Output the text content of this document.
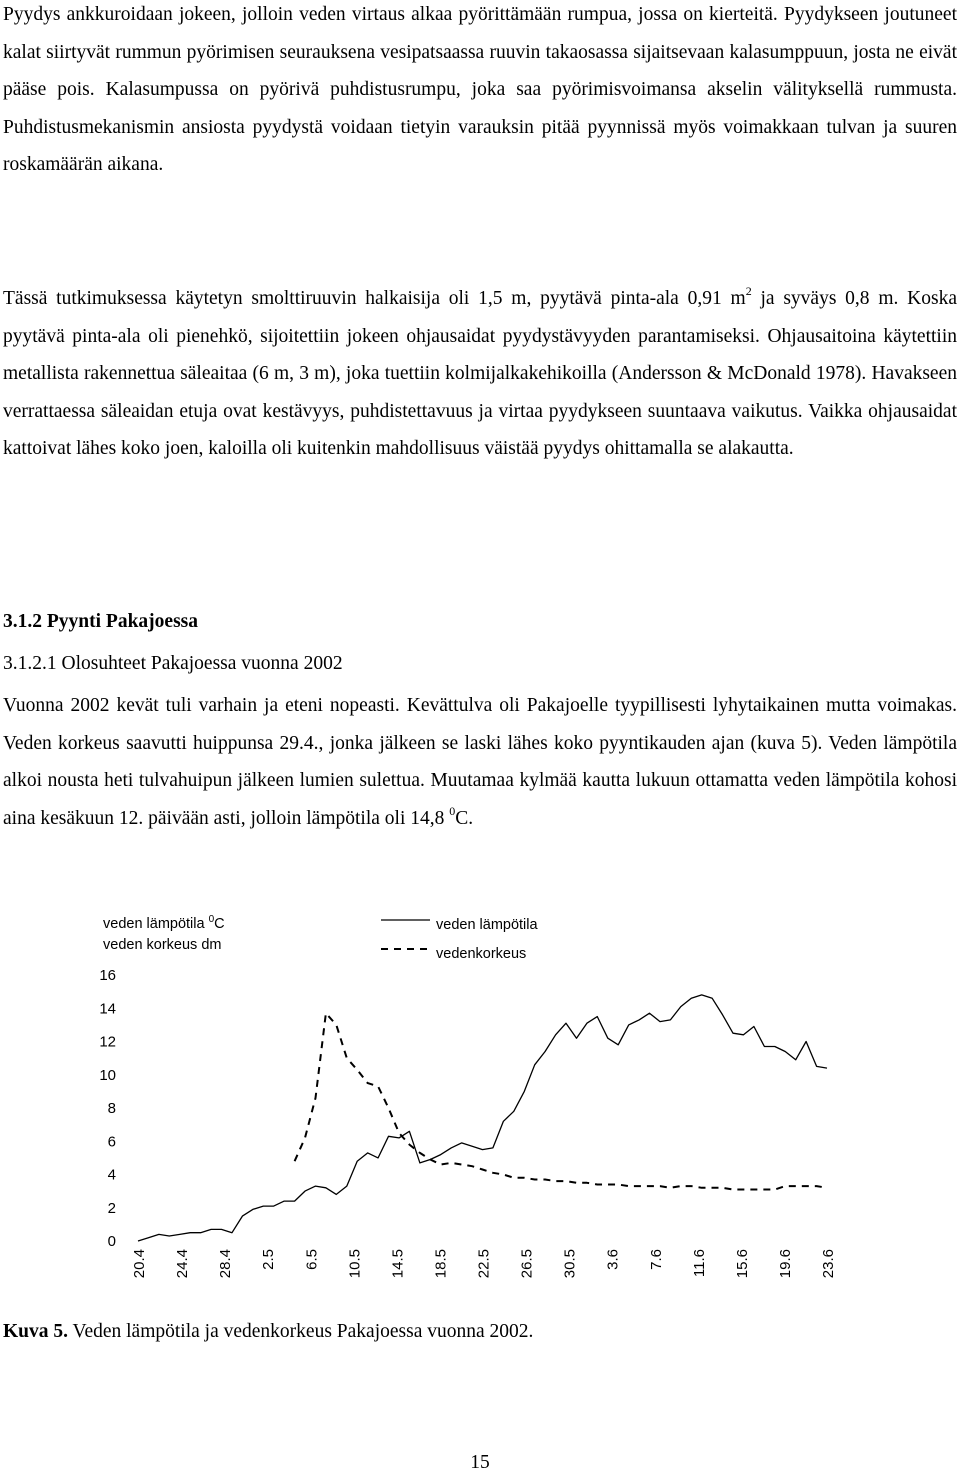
Pyydys ankkuroidaan jokeen, jolloin veden virtaus alkaa pyörittämään rumpua, jossa on kierteitä. Pyydykseen joutuneet kalat siirtyvät rummun pyörimisen seurauksena vesipatsaassa ruuvin takaosassa sijaitsevaan kalasumppuun, josta ne eivät pääse pois. Kalasumpussa on pyörivä puhdistusrumpu, joka saa pyörimisvoimansa akselin välityksellä rummusta. Puhdistusmekanismin ansiosta pyydystä voidaan tietyin varauksin pitää pyynnissä myös voimakkaan tulvan ja suuren roskamäärän aikana.

Tässä tutkimuksessa käytetyn smolttiruuvin halkaisija oli 1,5 m, pyytävä pinta-ala 0,91 $m^2$ ja syväys 0,8 m. Koska pyytävä pinta-ala oli pienehkö, sijoitettiin jokeen ohjausaidat pyydystävyyden parantamiseksi. Ohjausaitoina käytettiin metallista rakennettua säleaitaa (6 m, 3 m), joka tuettiin kolmijalkakehikoilla (Andersson & McDonald 1978). Havakseen verrattaessa säleaidan etuja ovat kestävyys, puhdistettavuus ja virtaa pyydykseen suuntaava vaikutus. Vaikka ohjausaidat kattoivat lähes koko joen, kaloilla oli kuitenkin mahdollisuus väistää pyydys ohittamalla se alakautta.

3.1.2 Pyynti Pakajoessa

3.1.2.1 Olosuhteet Pakajoessa vuonna 2002

Vuonna 2002 kevät tuli varhain ja eteni nopeasti. Kevättulva oli Pakajoelle tyypillisesti lyhytaikainen mutta voimakas. Veden korkeus saavutti huippunsa 29.4., jonka jälkeen se laski lähes koko pyyntikauden ajan (kuva 5). Veden lämpötila alkoi nousta heti tulvahuipun jälkeen lumien sulettua. Muutamaa kylmää kautta lukuun ottamatta veden lämpötila kohosi aina kesäkuun 12. päivään asti, jolloin lämpötila oli 14,8 $^0$C.

veden lämpötila $^0$C
veden korkeus dm
veden lämpötila
vedenkorkeus
0
2
4
6
8
10
12
14
16
20.4 24.4 28.4 2.5 6.5 10.5 14.5 18.5 22.5 26.5 30.5 3.6 7.6 11.6 15.6 19.6 23.6

Kuva 5. Veden lämpötila ja vedenkorkeus Pakajoessa vuonna 2002.

15
